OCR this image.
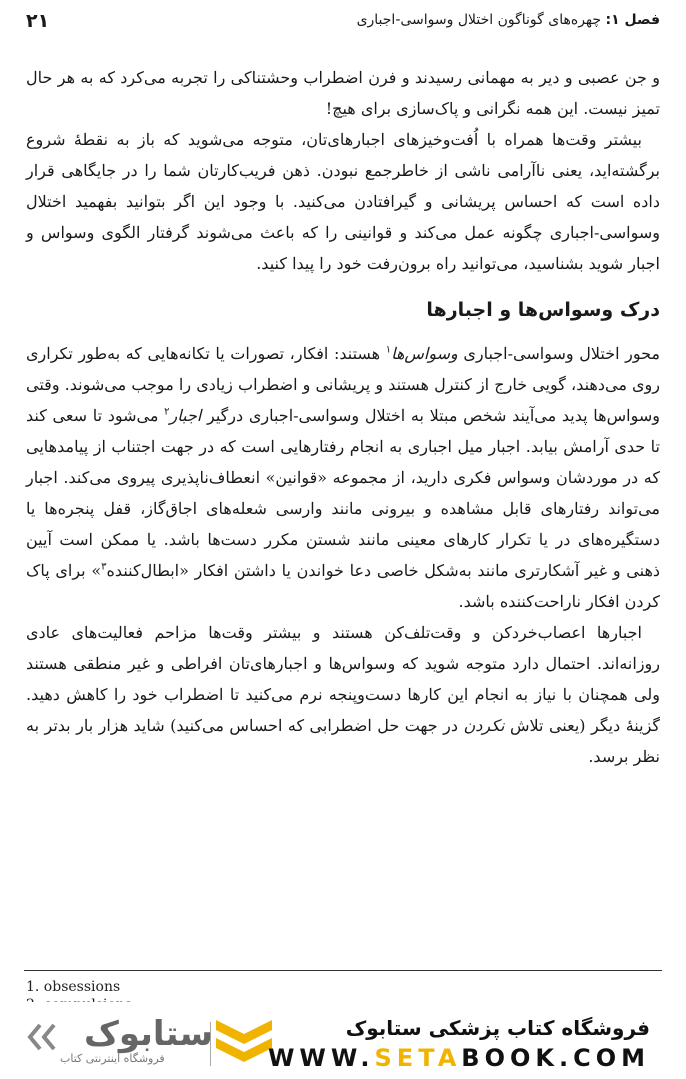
۲۱	فصل ۱: چهره‌های گوناگون اختلال وسواسی-اجباری

و جن عصبی و دیر به مهمانی رسیدند و فرن اضطراب وحشتناکی را تجربه می‌کرد که به هر حال تمیز نیست. این همه نگرانی و پاک‌سازی برای هیچ!

بیشتر وقت‌ها همراه با اُفت‌وخیزهای اجبارهای‌تان، متوجه می‌شوید که باز به نقطهٔ شروع برگشته‌اید، یعنی ناآرامی ناشی از خاطرجمع نبودن. ذهن فریب‌کارتان شما را در جایگاهی قرار داده است که احساس پریشانی و گیرافتادن می‌کنید. با وجود این اگر بتوانید بفهمید اختلال وسواسی-اجباری چگونه عمل می‌کند و قوانینی را که باعث می‌شوند گرفتار الگوی وسواس و اجبار شوید بشناسید، می‌توانید راه برون‌رفت خود را پیدا کنید.

درک وسواس‌ها و اجبارها

محور اختلال وسواسی-اجباری وسواس‌ها$^۱$ هستند: افکار، تصورات یا تکانه‌هایی که به‌طور تکراری روی می‌دهند، گویی خارج از کنترل هستند و پریشانی و اضطراب زیادی را موجب می‌شوند. وقتی وسواس‌ها پدید می‌آیند شخص مبتلا به اختلال وسواسی-اجباری درگیر اجبار$^۲$ می‌شود تا سعی کند تا حدی آرامش بیابد. اجبار میل اجباری به انجام رفتارهایی است که در جهت اجتناب از پیامدهایی که در موردشان وسواس فکری دارید، از مجموعه «قوانین» انعطاف‌ناپذیری پیروی می‌کند. اجبار می‌تواند رفتارهای قابل مشاهده و بیرونی مانند وارسی شعله‌های اجاق‌گاز، قفل پنجره‌ها یا دستگیره‌های در یا تکرار کارهای معینی مانند شستن مکرر دست‌ها باشد. یا ممکن است آیین ذهنی و غیر آشکارتری مانند به‌شکل خاصی دعا خواندن یا داشتن افکار «ابطال‌کننده$^۳$» برای پاک کردن افکار ناراحت‌کننده باشد.

اجبارها اعصاب‌خردکن و وقت‌تلف‌کن هستند و بیشتر وقت‌ها مزاحم فعالیت‌های عادی روزانه‌اند. احتمال دارد متوجه شوید که وسواس‌ها و اجبارهای‌تان افراطی و غیر منطقی هستند ولی همچنان با نیاز به انجام این کارها دست‌وپنجه نرم می‌کنید تا اضطراب خود را کاهش دهید. گزینهٔ دیگر (یعنی تلاش نکردن در جهت حل اضطرابی که احساس می‌کنید) شاید هزار بار بدتر به نظر برسد.

1. obsessions
ستابوک
فروشگاه اینترنتی کتاب
فروشگاه کتاب پزشکی ستابوک
WWW.SETABOOK.COM
